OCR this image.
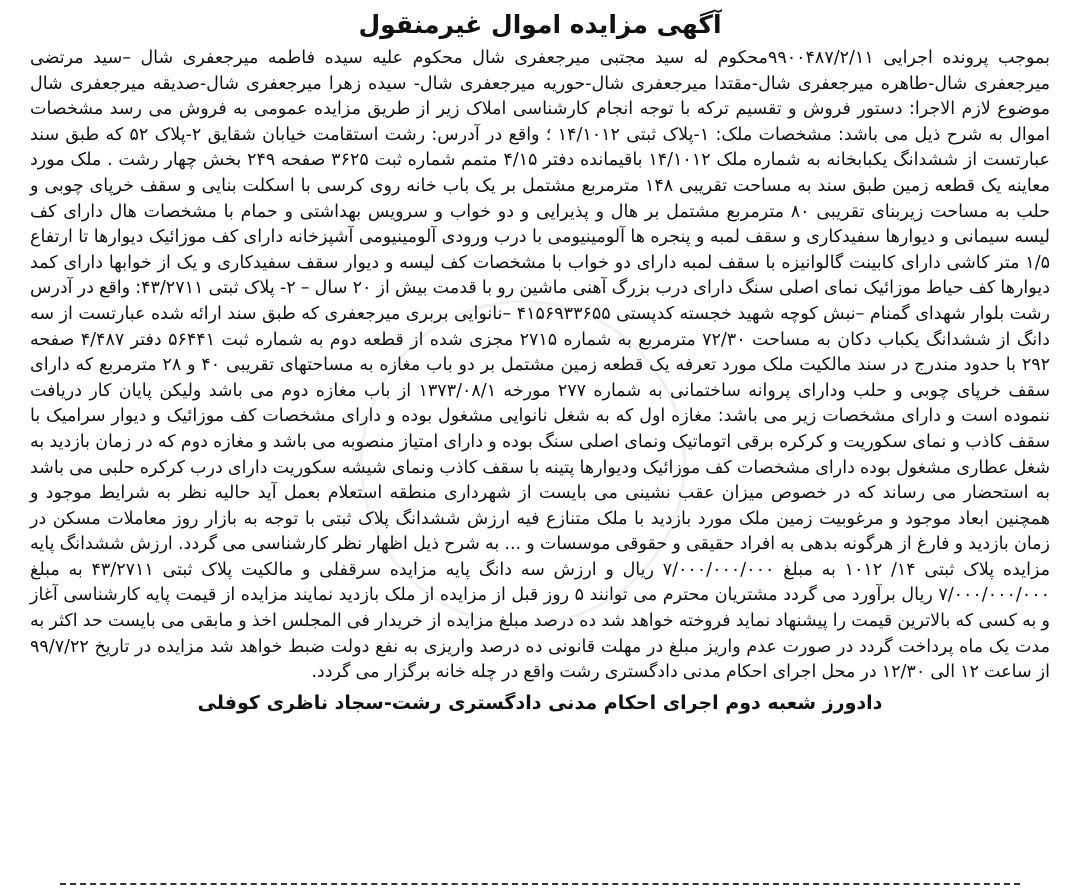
آگهی مزایده اموال غیرمنقول

بموجب پرونده اجرایی ۹۹۰۰۴۸۷/۲/۱۱محکوم له سید مجتبی میرجعفری شال محکوم علیه سیده فاطمه میرجعفری شال –سید مرتضی میرجعفری شال-طاهره میرجعفری شال-مقتدا میرجعفری شال-حوریه میرجعفری شال- سیده زهرا میرجعفری شال-صدیقه میرجعفری شال موضوع لازم الاجرا: دستور فروش و تقسیم ترکه با توجه انجام کارشناسی املاک زیر از طریق مزایده عمومی به فروش می رسد مشخصات اموال به شرح ذیل می باشد: مشخصات ملک: ۱-پلاک ثبتی ۱۴/۱۰۱۲ ؛ واقع در آدرس: رشت استقامت خیابان شقایق ۲-پلاک ۵۲ که طبق سند عبارتست از ششدانگ یکبابخانه به شماره ملک ۱۴/۱۰۱۲ باقیمانده دفتر ۴/۱۵ متمم شماره ثبت ۳۶۲۵ صفحه ۲۴۹ بخش چهار رشت . ملک مورد معاینه یک قطعه زمین طبق سند به مساحت تقریبی ۱۴۸ مترمربع مشتمل بر یک باب خانه روی کرسی با اسکلت بنایی و سقف خرپای چوبی و حلب به مساحت زیربنای تقریبی ۸۰ مترمربع مشتمل بر هال و پذیرایی و دو خواب و سرویس بهداشتی و حمام با مشخصات هال دارای کف لیسه سیمانی و دیوارها سفیدکاری و سقف لمبه و پنجره ها آلومینیومی با درب ورودی آلومینیومی آشپزخانه دارای کف موزائیک دیوارها تا ارتفاع ۱/۵ متر کاشی دارای کابینت گالوانیزه با سقف لمبه دارای دو خواب با مشخصات کف لیسه و دیوار سقف سفیدکاری و یک از خوابها دارای کمد دیوارها کف حیاط موزائیک نمای اصلی سنگ دارای درب بزرگ آهنی ماشین رو با قدمت بیش از ۲۰ سال – ۲- پلاک ثبتی ۴۳/۲۷۱۱: واقع در آدرس رشت بلوار شهدای گمنام –نبش کوچه شهید خجسته کدپستی ۴۱۵۶۹۳۳۶۵۵ –نانوایی بربری میرجعفری که طبق سند ارائه شده عبارتست از سه دانگ از ششدانگ یکباب دکان به مساحت ۷۲/۳۰ مترمربع به شماره ۲۷۱۵ مجزی شده از قطعه دوم به شماره ثبت ۵۶۴۴۱ دفتر ۴/۴۸۷ صفحه ۲۹۲ با حدود مندرج در سند مالکیت ملک مورد تعرفه یک قطعه زمین مشتمل بر دو باب مغازه به مساحتهای تقریبی ۴۰ و ۲۸ مترمربع که دارای سقف خرپای چوبی و حلب ودارای پروانه ساختمانی به شماره ۲۷۷ مورخه ۱۳۷۳/۰۸/۱ از باب مغازه دوم می باشد ولیکن پایان کار دریافت ننموده است و دارای مشخصات زیر می باشد: مغازه اول که به شغل نانوایی مشغول بوده و دارای مشخصات کف موزائیک و دیوار سرامیک با سقف کاذب و نمای سکوریت و کرکره برقی اتوماتیک ونمای اصلی سنگ بوده و دارای امتیاز منصوبه می باشد و مغازه دوم که در زمان بازدید به شغل عطاری مشغول بوده دارای مشخصات کف موزائیک ودیوارها پتینه با سقف کاذب ونمای شیشه سکوریت دارای درب کرکره حلبی می باشد به استحضار می رساند که در خصوص میزان عقب نشینی می بایست از شهرداری منطقه استعلام بعمل آید حالیه نظر به شرایط موجود و همچنین ابعاد موجود و مرغوبیت زمین ملک مورد بازدید با ملک متنازع فیه ارزش ششدانگ پلاک ثبتی با توجه به بازار روز معاملات مسکن در زمان بازدید و فارغ از هرگونه بدهی به افراد حقیقی و حقوقی موسسات و ... به شرح ذیل اظهار نظر کارشناسی می گردد. ارزش ششدانگ پایه مزایده پلاک ثبتی ۱۴/ ۱۰۱۲ به مبلغ ۷/۰۰۰/۰۰۰/۰۰۰ ریال و ارزش سه دانگ پایه مزایده سرقفلی و مالکیت پلاک ثبتی ۴۳/۲۷۱۱ به مبلغ ۷/۰۰۰/۰۰۰/۰۰۰ ریال برآورد می گردد مشتریان محترم می توانند ۵ روز قبل از مزایده از ملک بازدید نمایند مزایده از قیمت پایه کارشناسی آغاز و به کسی که بالاترین قیمت را پیشنهاد نماید فروخته خواهد شد ده درصد مبلغ مزایده از خریدار فی المجلس اخذ و مابقی می بایست حد اکثر به مدت یک ماه پرداخت گردد در صورت عدم واریز مبلغ در مهلت قانونی ده درصد واریزی به نفع دولت ضبط خواهد شد مزایده در تاریخ ۹۹/۷/۲۲ از ساعت ۱۲ الی ۱۲/۳۰ در محل اجرای احکام مدنی دادگستری رشت واقع در چله خانه برگزار می گردد.

دادورز شعبه دوم اجرای احکام مدنی دادگستری رشت-سجاد ناظری کوفلی
